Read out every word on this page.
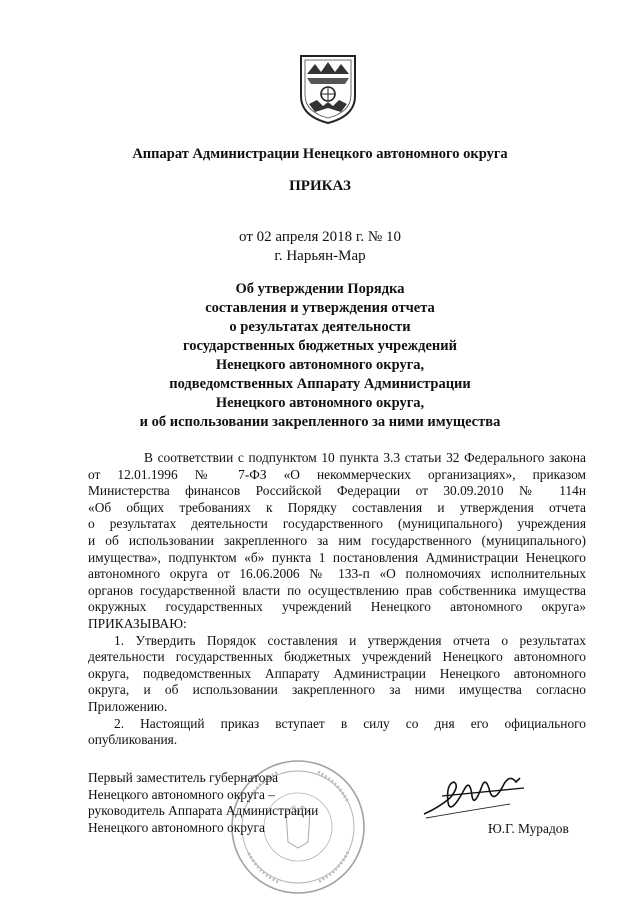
Аппарат Администрации Ненецкого автономного округа
ПРИКАЗ
от 02 апреля 2018 г. № 10
г. Нарьян-Мар
Об утверждении Порядка
составления и утверждения отчета
о результатах деятельности
государственных бюджетных учреждений
Ненецкого автономного округа,
подведомственных Аппарату Администрации
Ненецкого автономного округа,
и об использовании закрепленного за ними имущества
В соответствии с подпунктом 10 пункта 3.3 статьи 32 Федерального закона
от 12.01.1996 № 7-ФЗ «О некоммерческих организациях», приказом
Министерства финансов Российской Федерации от 30.09.2010 № 114н
«Об общих требованиях к Порядку составления и утверждения отчета
о результатах деятельности государственного (муниципального) учреждения
и об использовании закрепленного за ним государственного (муниципального)
имущества», подпунктом «б» пункта 1 постановления Администрации Ненецкого
автономного округа от 16.06.2006 № 133-п «О полномочиях исполнительных
органов государственной власти по осуществлению прав собственника имущества
окружных государственных учреждений Ненецкого автономного округа»
ПРИКАЗЫВАЮ:
1. Утвердить Порядок составления и утверждения отчета о результатах
деятельности государственных бюджетных учреждений Ненецкого автономного
округа, подведомственных Аппарату Администрации Ненецкого автономного
округа, и об использовании закрепленного за ними имущества согласно
Приложению.
2. Настоящий приказ вступает в силу со дня его официального
опубликования.
Первый заместитель губернатора
Ненецкого автономного округа –
руководитель Аппарата Администрации
Ненецкого автономного округа	Ю.Г. Мурадов
